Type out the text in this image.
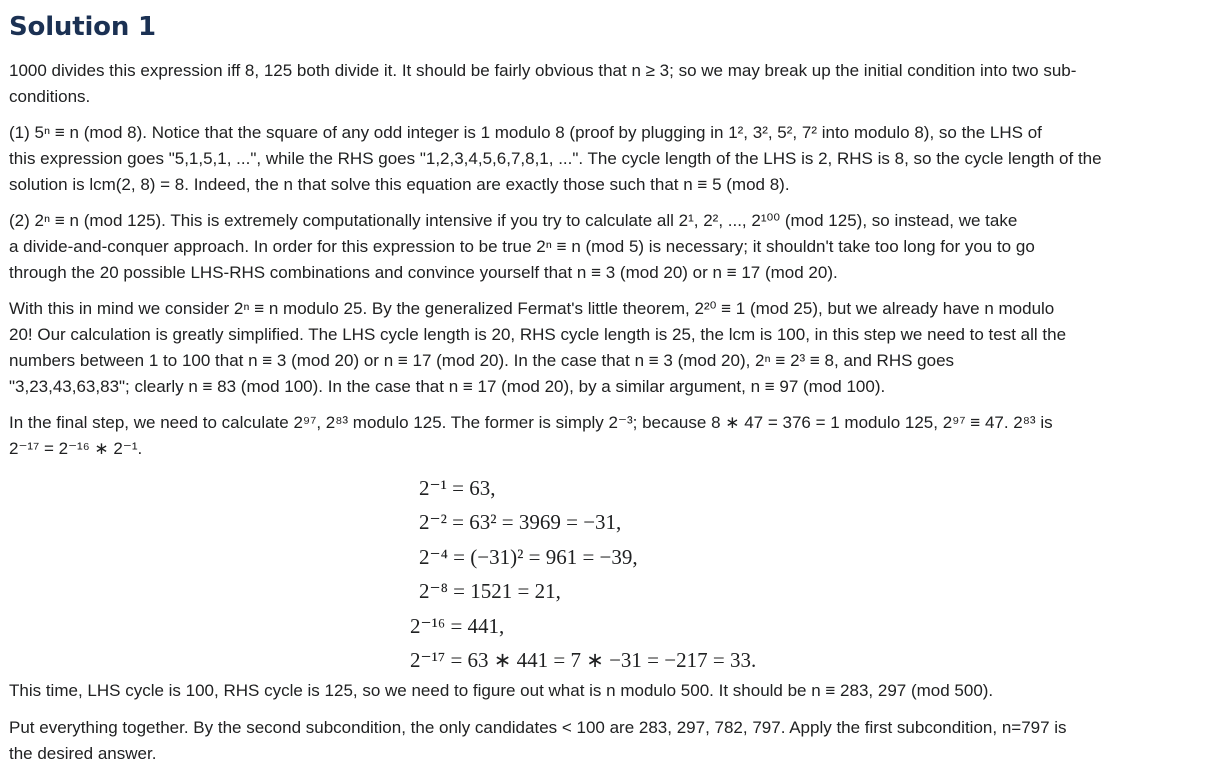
Solution 1
1000 divides this expression iff 8, 125 both divide it. It should be fairly obvious that n ≥ 3; so we may break up the initial condition into two sub-
conditions.
(1) 5ⁿ ≡ n (mod 8). Notice that the square of any odd integer is 1 modulo 8 (proof by plugging in 1², 3², 5², 7² into modulo 8), so the LHS of
this expression goes "5,1,5,1, ...", while the RHS goes "1,2,3,4,5,6,7,8,1, ...". The cycle length of the LHS is 2, RHS is 8, so the cycle length of the
solution is lcm(2, 8) = 8. Indeed, the n that solve this equation are exactly those such that n ≡ 5 (mod 8).
(2) 2ⁿ ≡ n (mod 125). This is extremely computationally intensive if you try to calculate all 2¹, 2², ..., 2¹⁰⁰ (mod 125), so instead, we take
a divide-and-conquer approach. In order for this expression to be true 2ⁿ ≡ n (mod 5) is necessary; it shouldn't take too long for you to go
through the 20 possible LHS-RHS combinations and convince yourself that n ≡ 3 (mod 20) or n ≡ 17 (mod 20).
With this in mind we consider 2ⁿ ≡ n modulo 25. By the generalized Fermat's little theorem, 2²⁰ ≡ 1 (mod 25), but we already have n modulo
20! Our calculation is greatly simplified. The LHS cycle length is 20, RHS cycle length is 25, the lcm is 100, in this step we need to test all the
numbers between 1 to 100 that n ≡ 3 (mod 20) or n ≡ 17 (mod 20). In the case that n ≡ 3 (mod 20), 2ⁿ ≡ 2³ ≡ 8, and RHS goes
"3,23,43,63,83"; clearly n ≡ 83 (mod 100). In the case that n ≡ 17 (mod 20), by a similar argument, n ≡ 97 (mod 100).
In the final step, we need to calculate 2⁹⁷, 2⁸³ modulo 125. The former is simply 2⁻³; because 8 ∗ 47 = 376 = 1 modulo 125, 2⁹⁷ ≡ 47. 2⁸³ is
2⁻¹⁷ = 2⁻¹⁶ ∗ 2⁻¹.
2⁻¹ = 63,
2⁻² = 63² = 3969 = −31,
2⁻⁴ = (−31)² = 961 = −39,
2⁻⁸ = 1521 = 21,
2⁻¹⁶ = 441,
2⁻¹⁷ = 63 ∗ 441 = 7 ∗ −31 = −217 = 33.
This time, LHS cycle is 100, RHS cycle is 125, so we need to figure out what is n modulo 500. It should be n ≡ 283, 297 (mod 500).
Put everything together. By the second subcondition, the only candidates < 100 are 283, 297, 782, 797. Apply the first subcondition, n=797 is
the desired answer.
